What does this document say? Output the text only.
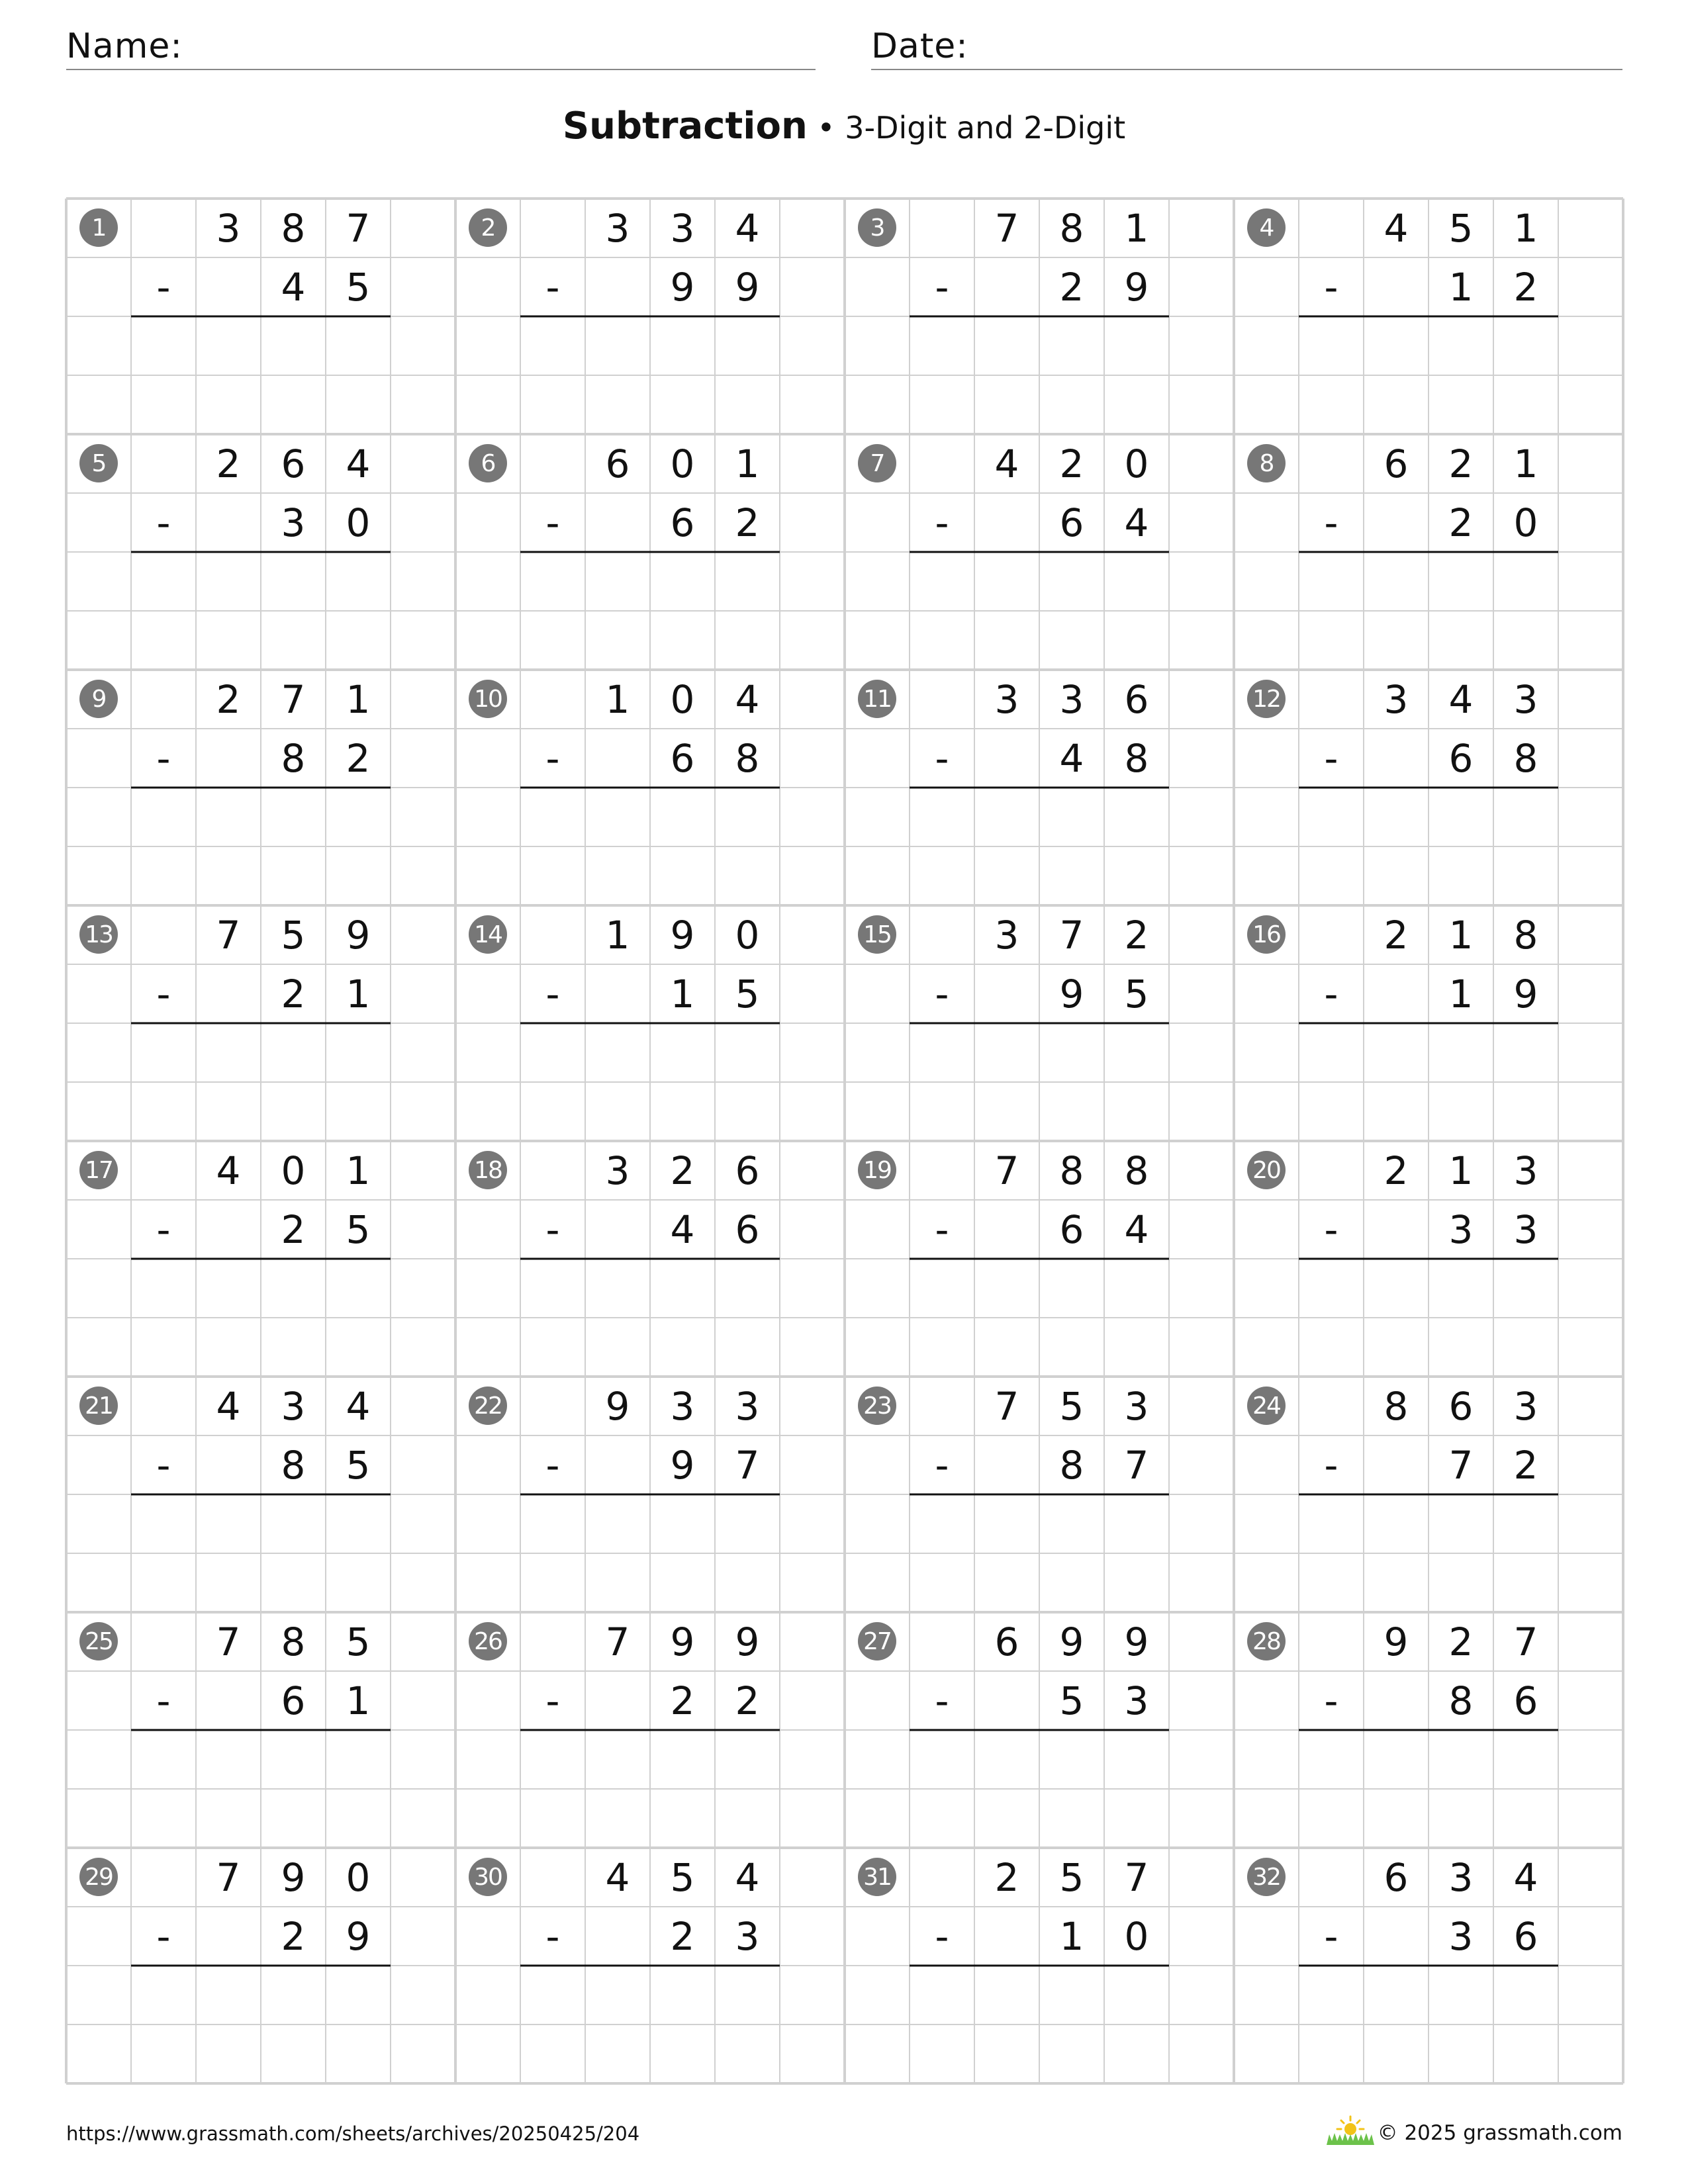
Name:	Date:
Subtraction • 3-Digit and 2-Digit
1	3	8	7
-	4	5
2	3	3	4
-	9	9
3	7	8	1
-	2	9
4	4	5	1
-	1	2
5	2	6	4
-	3	0
6	6	0	1
-	6	2
7	4	2	0
-	6	4
8	6	2	1
-	2	0
9	2	7	1
-	8	2
10	1	0	4
-	6	8
11	3	3	6
-	4	8
12	3	4	3
-	6	8
13	7	5	9
-	2	1
14	1	9	0
-	1	5
15	3	7	2
-	9	5
16	2	1	8
-	1	9
17	4	0	1
-	2	5
18	3	2	6
-	4	6
19	7	8	8
-	6	4
20	2	1	3
-	3	3
21	4	3	4
-	8	5
22	9	3	3
-	9	7
23	7	5	3
-	8	7
24	8	6	3
-	7	2
25	7	8	5
-	6	1
26	7	9	9
-	2	2
27	6	9	9
-	5	3
28	9	2	7
-	8	6
29	7	9	0
-	2	9
30	4	5	4
-	2	3
31	2	5	7
-	1	0
32	6	3	4
-	3	6
https://www.grassmath.com/sheets/archives/20250425/204	© 2025 grassmath.com
